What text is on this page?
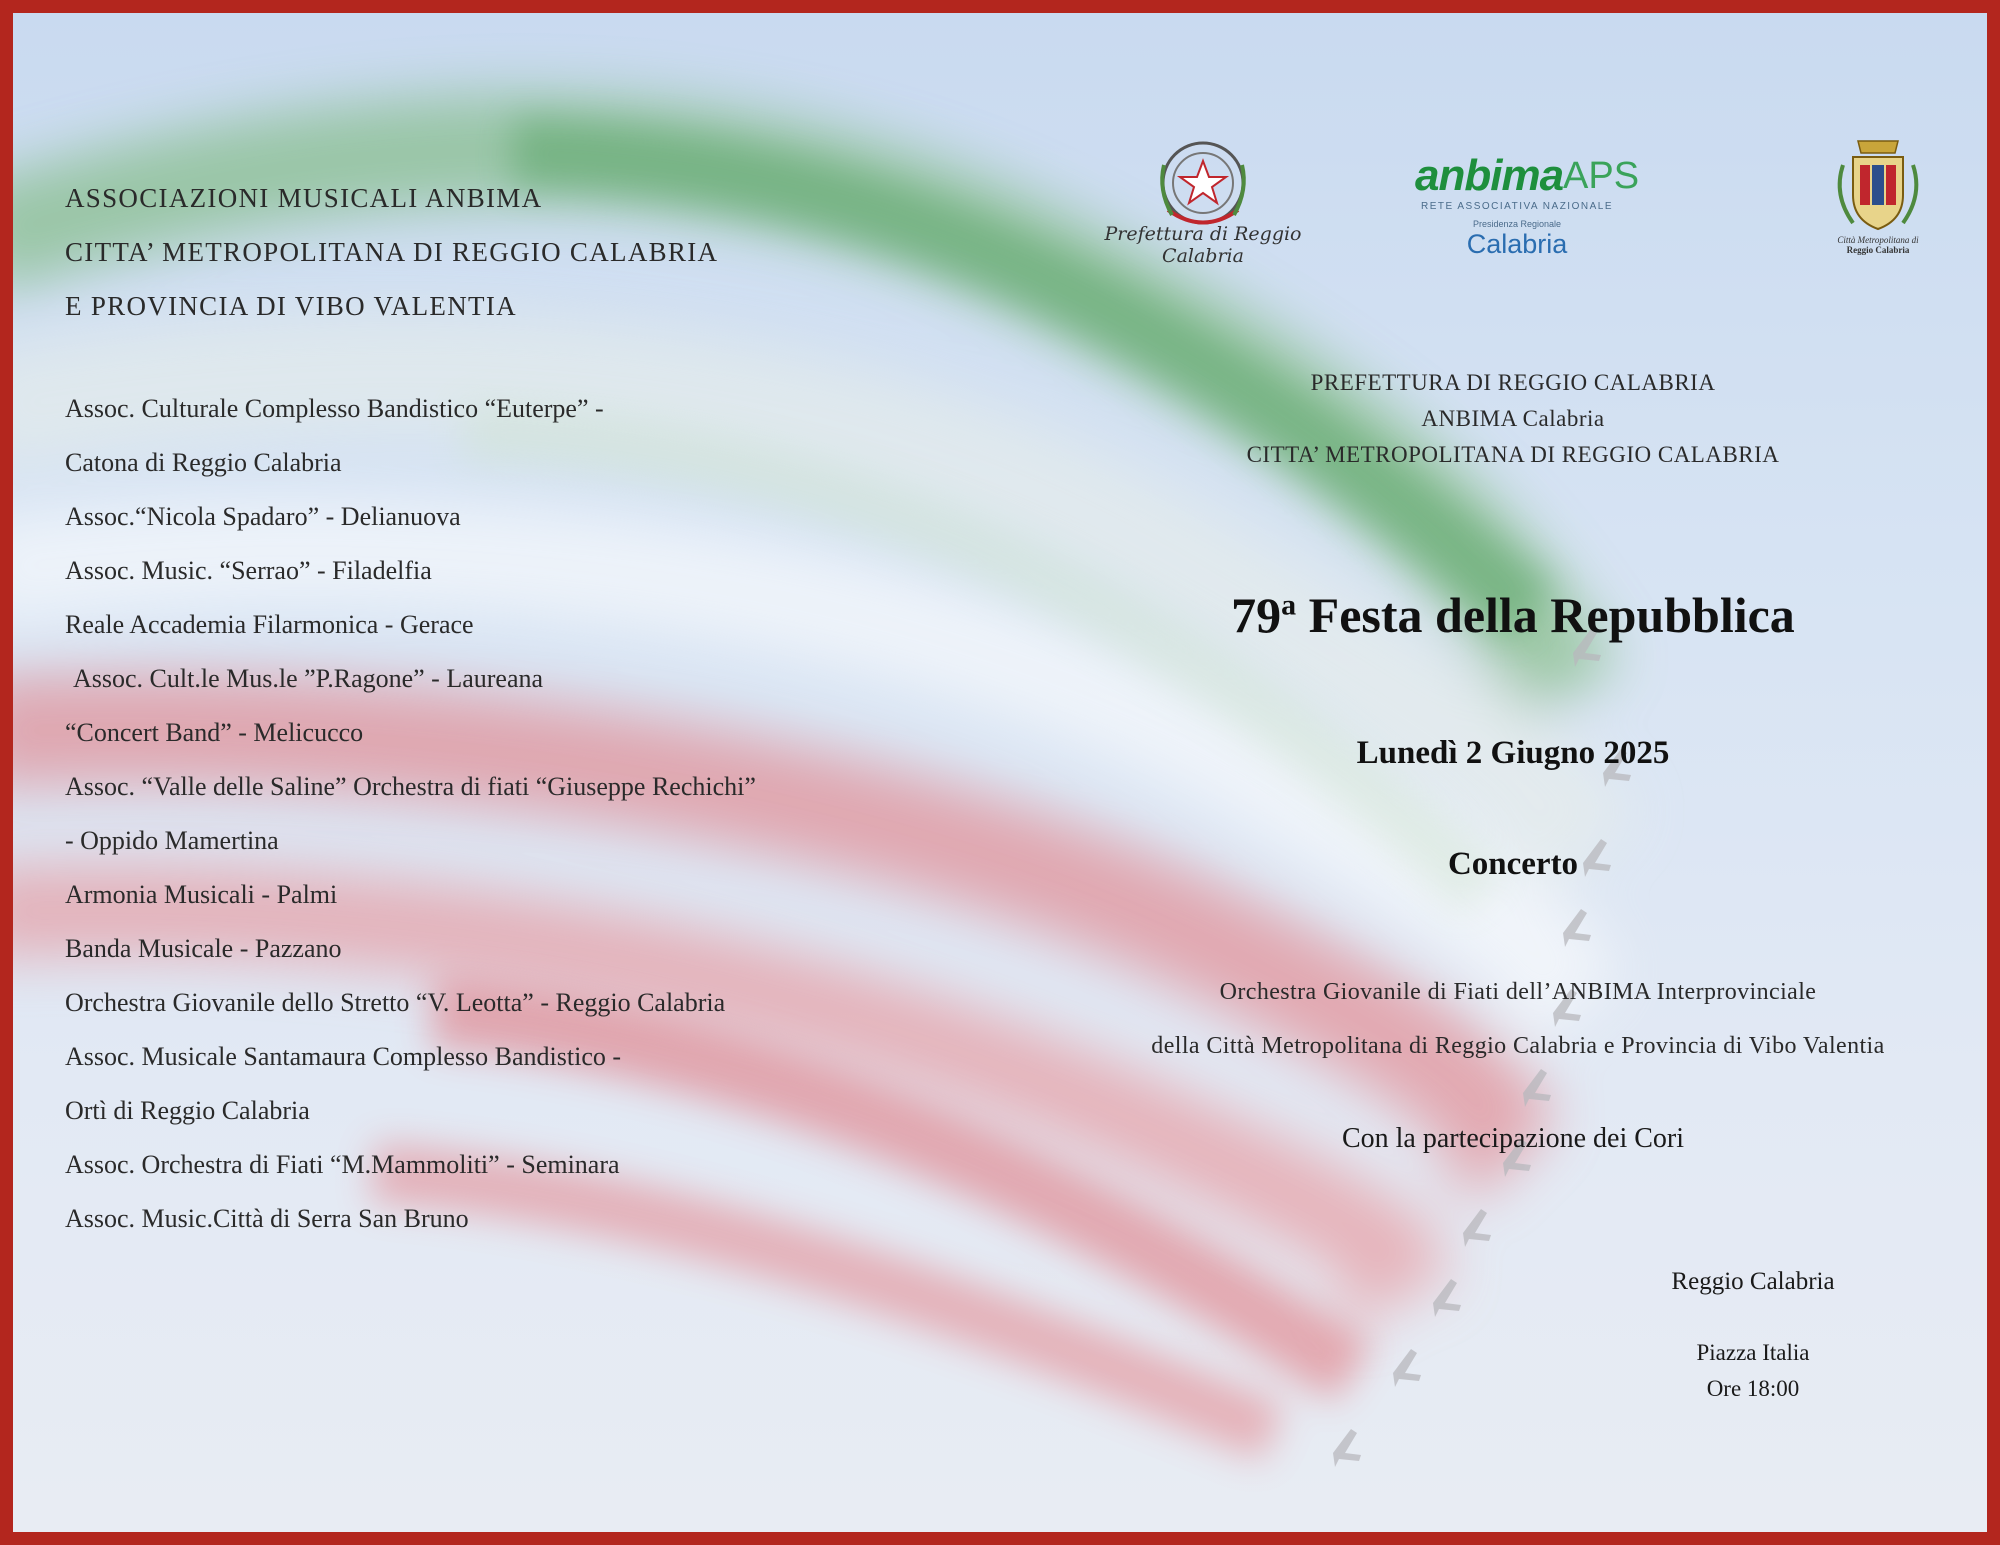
ASSOCIAZIONI MUSICALI ANBIMA
CITTA’ METROPOLITANA DI REGGIO CALABRIA
E PROVINCIA DI VIBO VALENTIA
Assoc. Culturale Complesso Bandistico “Euterpe” -
Catona di Reggio Calabria
Assoc.“Nicola Spadaro” - Delianuova
Assoc. Music. “Serrao” - Filadelfia
Reale Accademia Filarmonica - Gerace
Assoc. Cult.le Mus.le ”P.Ragone” - Laureana
“Concert Band” - Melicucco
Assoc. “Valle delle Saline” Orchestra di fiati “Giuseppe Rechichi”
- Oppido Mamertina
Armonia Musicali - Palmi
Banda Musicale - Pazzano
Orchestra Giovanile dello Stretto “V. Leotta” - Reggio Calabria
Assoc. Musicale Santamaura Complesso Bandistico -
Ortì di Reggio Calabria
Assoc. Orchestra di Fiati “M.Mammoliti” - Seminara
Assoc. Music.Città di Serra San Bruno
Prefettura di Reggio Calabria
anbima APS
RETE ASSOCIATIVA NAZIONALE
Presidenza Regionale
Calabria	Città Metropolitana di
Reggio Calabria
PREFETTURA DI REGGIO CALABRIA
ANBIMA Calabria
CITTA’ METROPOLITANA DI REGGIO CALABRIA
79$^a$ Festa della Repubblica
Lunedì 2 Giugno 2025
Concerto
Orchestra Giovanile di Fiati dell’ANBIMA Interprovinciale
della Città Metropolitana di Reggio Calabria e Provincia di Vibo Valentia
Con la partecipazione dei Cori
Reggio Calabria
Piazza Italia
Ore 18:00
